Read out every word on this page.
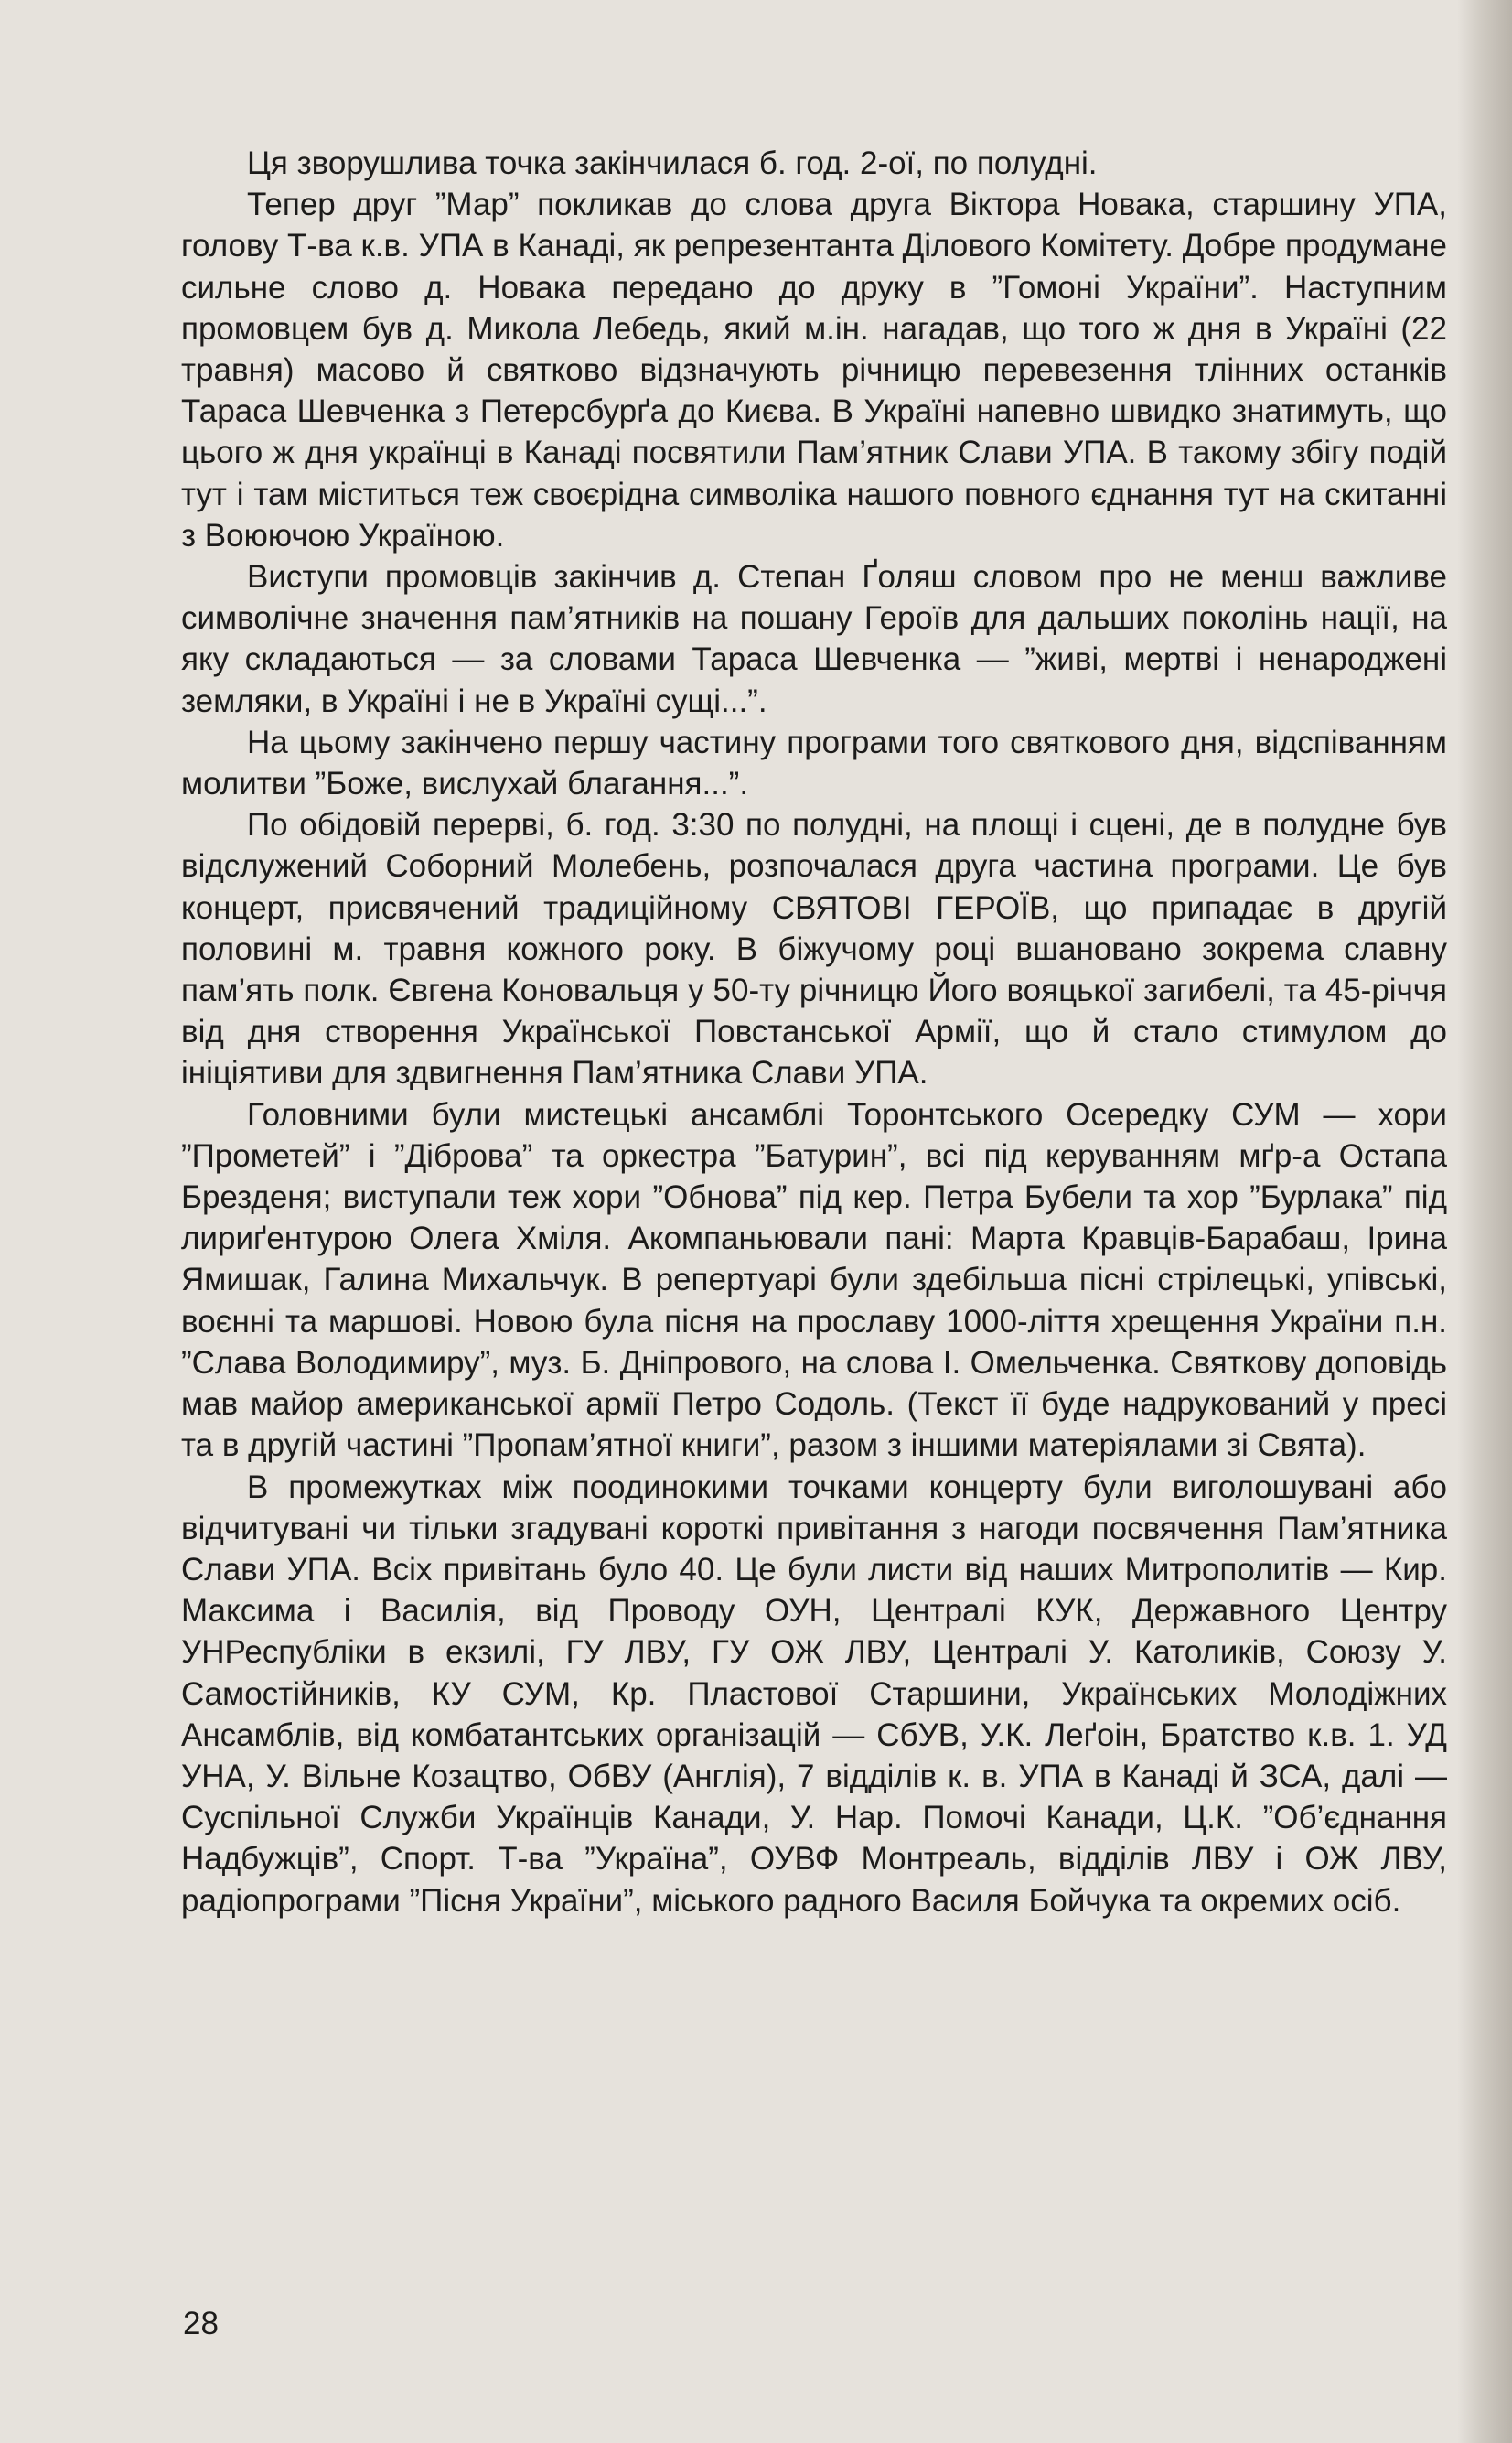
Ця зворушлива точка закінчилася б. год. 2-ої, по полудні.

Тепер друг ”Мар” покликав до слова друга Віктора Новака, старшину УПА, голову Т-ва к.в. УПА в Канаді, як репрезентанта Ділового Комітету. Добре продумане сильне слово д. Новака передано до друку в ”Гомоні України”. Наступним промовцем був д. Микола Лебедь, який м.ін. нагадав, що того ж дня в Україні (22 травня) масово й святково відзначують річницю перевезення тлінних останків Тараса Шевченка з Петерсбурґа до Києва. В Україні напевно швидко знатимуть, що цього ж дня українці в Канаді посвятили Пам’ятник Слави УПА. В такому збігу подій тут і там міститься теж своєрідна символіка нашого повного єднання тут на скитанні з Воюючою Україною.

Виступи промовців закінчив д. Степан Ґоляш словом про не менш важливе символічне значення пам’ятників на пошану Героїв для дальших поколінь нації, на яку складаються — за словами Тараса Шевченка — ”живі, мертві і ненароджені земляки, в Україні і не в Україні сущі...”.

На цьому закінчено першу частину програми того святкового дня, відспіванням молитви ”Боже, вислухай благання...”.

По обідовій перерві, б. год. 3:30 по полудні, на площі і сцені, де в полудне був відслужений Соборний Молебень, розпочалася друга частина програми. Це був концерт, присвячений традиційному СВЯТОВІ ГЕРОЇВ, що припадає в другій половині м. травня кожного року. В біжучому році вшановано зокрема славну пам’ять полк. Євгена Коновальця у 50-ту річницю Його вояцької загибелі, та 45-річчя від дня створення Української Повстанської Армії, що й стало стимулом до ініціятиви для здвигнення Пам’ятника Слави УПА.

Головними були мистецькі ансамблі Торонтського Осередку СУМ — хори ”Прометей” і ”Діброва” та оркестра ”Батурин”, всі під керуванням мґр-а Остапа Брезденя; виступали теж хори ”Обнова” під кер. Петра Бубели та хор ”Бурлака” під лириґентурою Олега Хміля. Акомпаньювали пані: Марта Кравців-Барабаш, Ірина Ямишак, Галина Михальчук. В репертуарі були здебільша пісні стрілецькі, упівські, воєнні та маршові. Новою була пісня на прославу 1000-ліття хрещення України п.н. ”Слава Володимиру”, муз. Б. Дніпрового, на слова І. Омельченка. Святкову доповідь мав майор американської армії Петро Содоль. (Текст її буде надрукований у пресі та в другій частині ”Пропам’ятної книги”, разом з іншими матеріялами зі Свята).

В промежутках між поодинокими точками концерту були виголошувані або відчитувані чи тільки згадувані короткі привітання з нагоди посвячення Пам’ятника Слави УПА. Всіх привітань було 40. Це були листи від наших Митрополитів — Кир. Максима і Василія, від Проводу ОУН, Централі КУК, Державного Центру УНРеспубліки в екзилі, ГУ ЛВУ, ГУ ОЖ ЛВУ, Централі У. Католиків, Союзу У. Самостійників, КУ СУМ, Кр. Пластової Старшини, Українських Молодіжних Ансамблів, від комбатантських організацій — СбУВ, У.К. Леґоін, Братство к.в. 1. УД УНА, У. Вільне Козацтво, ОбВУ (Англія), 7 відділів к. в. УПА в Канаді й ЗСА, далі — Суспільної Служби Українців Канади, У. Нар. Помочі Канади, Ц.К. ”Об’єднання Надбужців”, Спорт. Т-ва ”Україна”, ОУВФ Монтреаль, відділів ЛВУ і ОЖ ЛВУ, радіопрограми ”Пісня України”, міського радного Василя Бойчука та окремих осіб.

28
